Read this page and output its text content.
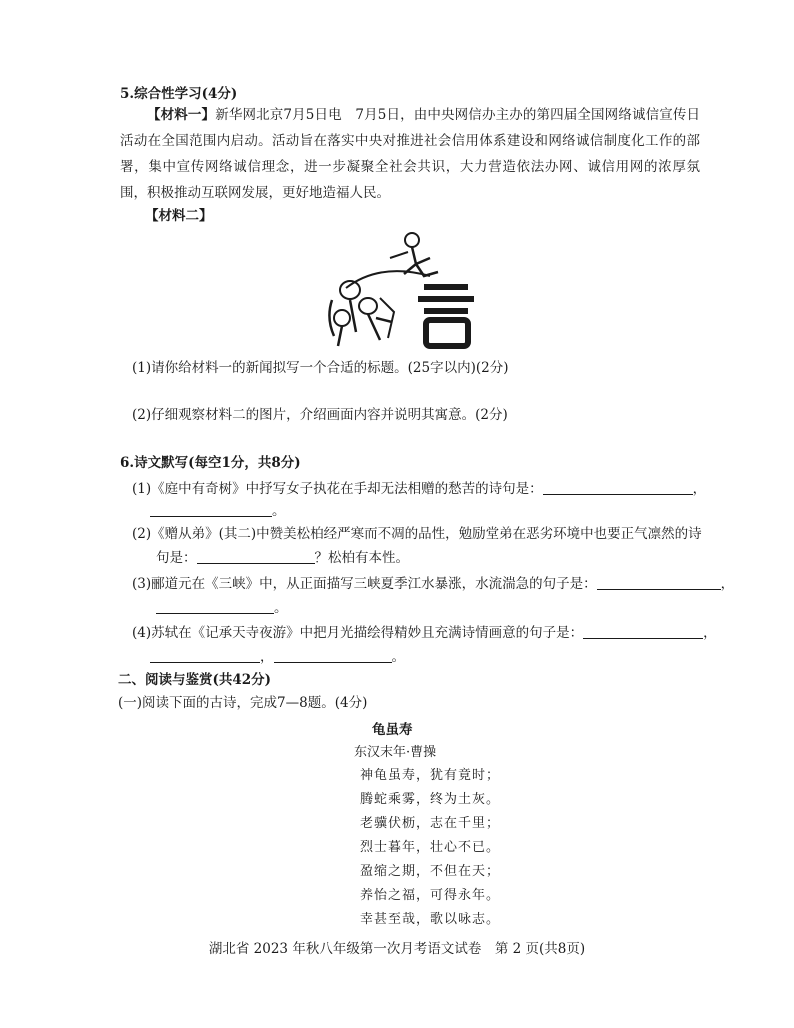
5.综合性学习(4分)
【材料一】新华网北京7月5日电　7月5日，由中央网信办主办的第四届全国网络诚信宣传日活动在全国范围内启动。活动旨在落实中央对推进社会信用体系建设和网络诚信制度化工作的部署，集中宣传网络诚信理念，进一步凝聚全社会共识，大力营造依法办网、诚信用网的浓厚氛围，积极推动互联网发展，更好地造福人民。
【材料二】
言
(1)请你给材料一的新闻拟写一个合适的标题。(25字以内)(2分)
(2)仔细观察材料二的图片，介绍画面内容并说明其寓意。(2分)
6.诗文默写(每空1分，共8分)
(1)《庭中有奇树》中抒写女子执花在手却无法相赠的愁苦的诗句是：	，
。
(2)《赠从弟》(其二)中赞美松柏经严寒而不凋的品性，勉励堂弟在恶劣环境中也要正气凛然的诗
句是：	？松柏有本性。
(3)郦道元在《三峡》中，从正面描写三峡夏季江水暴涨，水流湍急的句子是：	，
。
(4)苏轼在《记承天寺夜游》中把月光描绘得精妙且充满诗情画意的句子是：	，
，	。
二、阅读与鉴赏(共42分)
(一)阅读下面的古诗，完成7—8题。(4分)
龟虽寿
东汉末年·曹操
神龟虽寿，犹有竟时；
腾蛇乘雾，终为土灰。
老骥伏枥，志在千里；
烈士暮年，壮心不已。
盈缩之期，不但在天；
养怡之福，可得永年。
幸甚至哉，歌以咏志。
湖北省 2023 年秋八年级第一次月考语文试卷　第 2 页(共8页)
